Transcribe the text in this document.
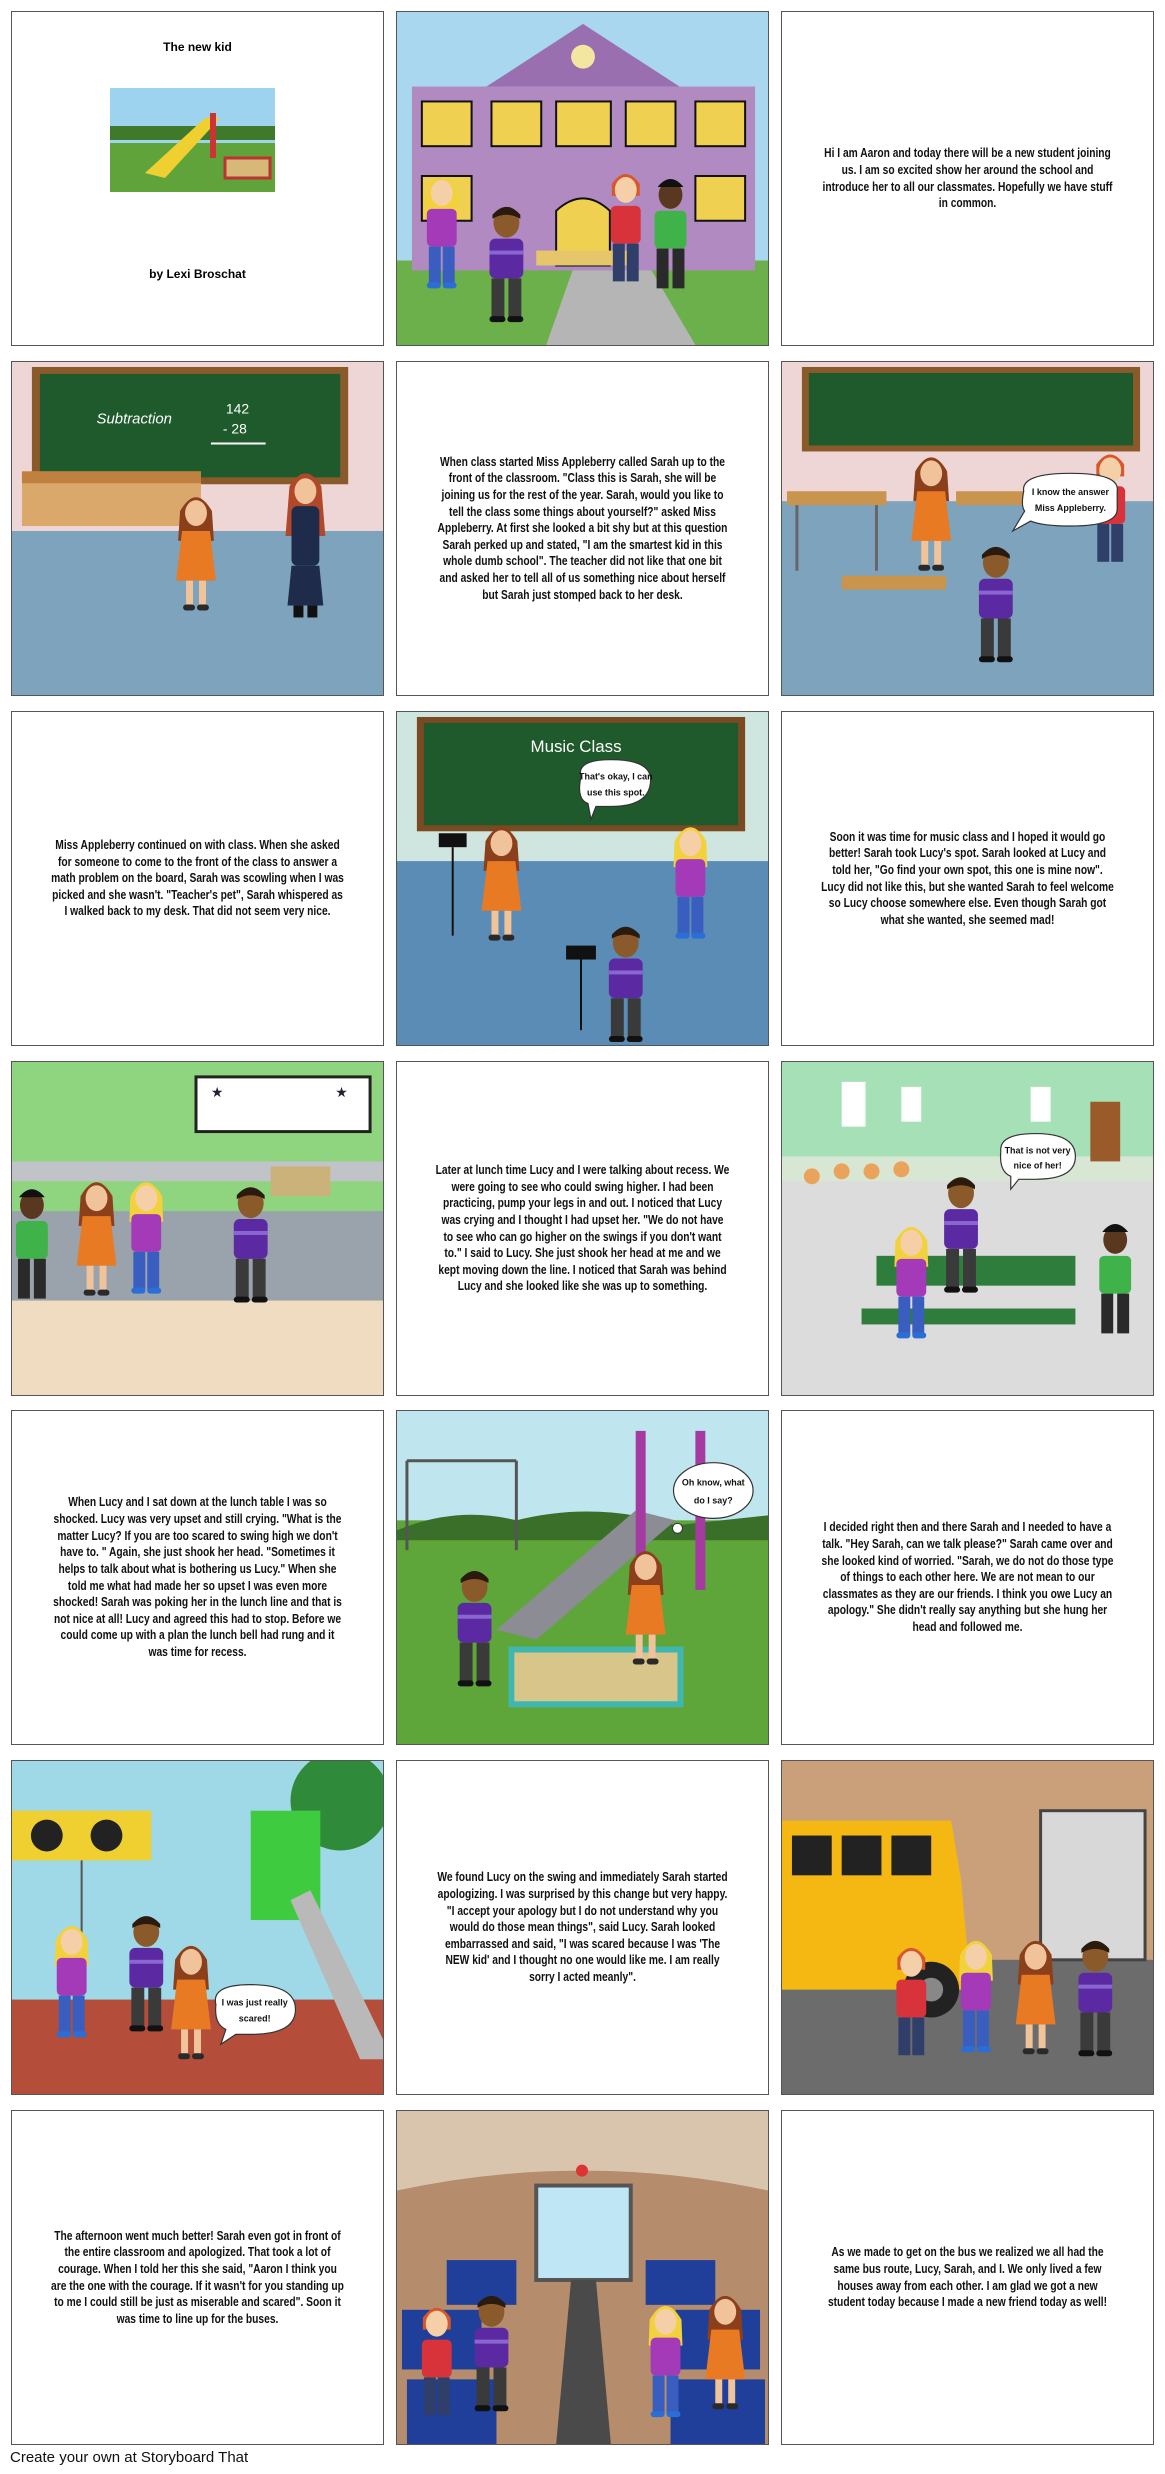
The new kid
by Lexi Broschat

Hi I am Aaron and today there will be a new student joining us. I am so excited show her around the school and introduce her to all our classmates. Hopefully we have stuff in common.

Subtraction
142
- 28

When class started Miss Appleberry called Sarah up to the front of the classroom. "Class this is Sarah, she will be joining us for the rest of the year. Sarah, would you like to tell the class some things about yourself?" asked Miss Appleberry. At first she looked a bit shy but at this question Sarah perked up and stated, "I am the smartest kid in this whole dumb school". The teacher did not like that one bit and asked her to tell all of us something nice about herself but Sarah just stomped back to her desk.

I know the answer
Miss Appleberry.

Miss Appleberry continued on with class. When she asked for someone to come to the front of the class to answer a math problem on the board, Sarah was scowling when I was picked and she wasn't. "Teacher's pet", Sarah whispered as I walked back to my desk. That did not seem very nice.

Music Class
That's okay, I can
use this spot.

Soon it was time for music class and I hoped it would go better! Sarah took Lucy's spot. Sarah looked at Lucy and told her, "Go find your own spot, this one is mine now". Lucy did not like this, but she wanted Sarah to feel welcome so Lucy choose somewhere else. Even though Sarah got what she wanted, she seemed mad!

★	★

Later at lunch time Lucy and I were talking about recess. We were going to see who could swing higher. I had been practicing, pump your legs in and out. I noticed that Lucy was crying and I thought I had upset her. "We do not have to see who can go higher on the swings if you don't want to." I said to Lucy. She just shook her head at me and we kept moving down the line. I noticed that Sarah was behind Lucy and she looked like she was up to something.

That is not very
nice of her!

When Lucy and I sat down at the lunch table I was so shocked. Lucy was very upset and still crying. "What is the matter Lucy? If you are too scared to swing high we don't have to. " Again, she just shook her head. "Sometimes it helps to talk about what is bothering us Lucy." When she told me what had made her so upset I was even more shocked! Sarah was poking her in the lunch line and that is not nice at all! Lucy and agreed this had to stop. Before we could come up with a plan the lunch bell had rung and it was time for recess.

Oh know, what
do I say?

I decided right then and there Sarah and I needed to have a talk. "Hey Sarah, can we talk please?" Sarah came over and she looked kind of worried. "Sarah, we do not do those type of things to each other here. We are not mean to our classmates as they are our friends. I think you owe Lucy an apology." She didn't really say anything but she hung her head and followed me.

I was just really
scared!

We found Lucy on the swing and immediately Sarah started apologizing. I was surprised by this change but very happy. "I accept your apology but I do not understand why you would do those mean things", said Lucy. Sarah looked embarrassed and said, "I was scared because I was 'The NEW kid' and I thought no one would like me. I am really sorry I acted meanly".

The afternoon went much better! Sarah even got in front of the entire classroom and apologized. That took a lot of courage. When I told her this she said, "Aaron I think you are the one with the courage. If it wasn't for you standing up to me I could still be just as miserable and scared". Soon it was time to line up for the buses.

As we made to get on the bus we realized we all had the same bus route, Lucy, Sarah, and I. We only lived a few houses away from each other. I am glad we got a new student today because I made a new friend today as well!

Create your own at Storyboard That
